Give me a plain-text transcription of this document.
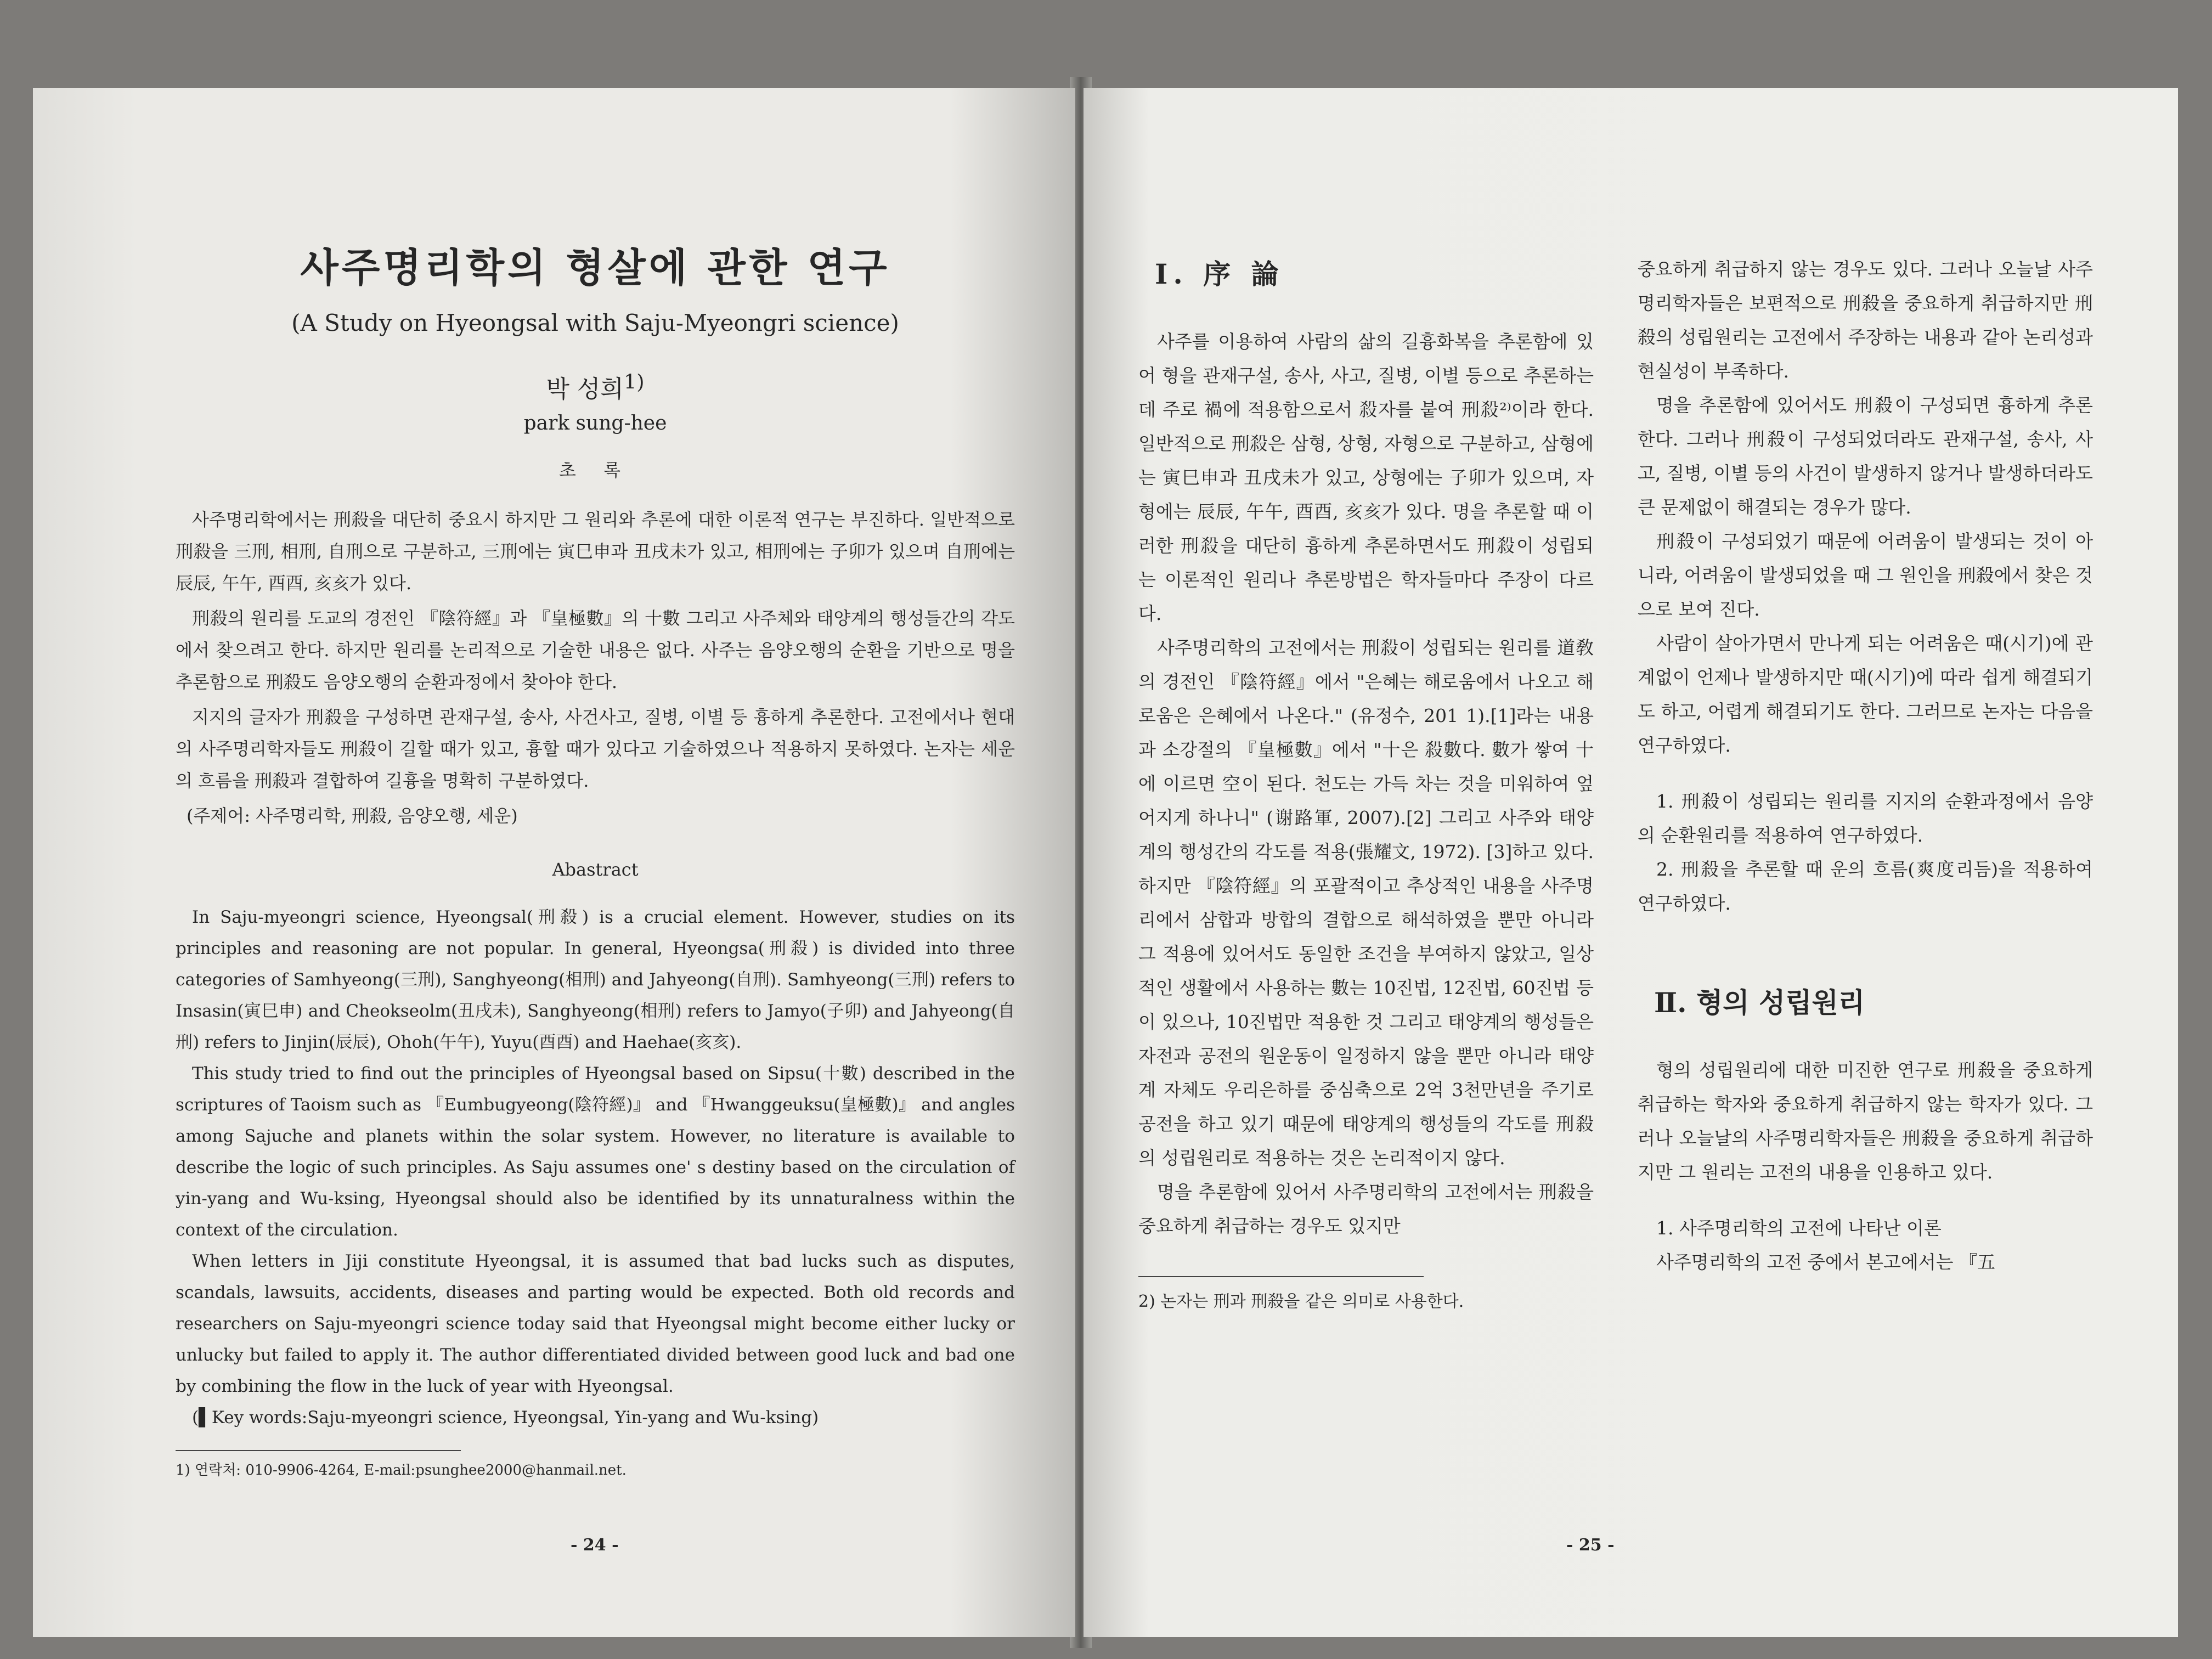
사주명리학의 형살에 관한 연구

(A Study on Hyeongsal with Saju-Myeongri science)

박 성희$^{1)}$

park sung-hee

초 록

사주명리학에서는 刑殺을 대단히 중요시 하지만 그 원리와 추론에 대한 이론적 연구는 부진하다. 일반적으로 刑殺을 三刑, 相刑, 自刑으로 구분하고, 三刑에는 寅巳申과 丑戌未가 있고, 相刑에는 子卯가 있으며 自刑에는 辰辰, 午午, 酉酉, 亥亥가 있다.

刑殺의 원리를 도교의 경전인 『陰符經』과 『皇極數』의 十數 그리고 사주체와 태양계의 행성들간의 각도에서 찾으려고 한다. 하지만 원리를 논리적으로 기술한 내용은 없다. 사주는 음양오행의 순환을 기반으로 명을 추론함으로 刑殺도 음양오행의 순환과정에서 찾아야 한다.

지지의 글자가 刑殺을 구성하면 관재구설, 송사, 사건사고, 질병, 이별 등 흉하게 추론한다. 고전에서나 현대의 사주명리학자들도 刑殺이 길할 때가 있고, 흉할 때가 있다고 기술하였으나 적용하지 못하였다. 논자는 세운의 흐름을 刑殺과 결합하여 길흉을 명확히 구분하였다.

(주제어: 사주명리학, 刑殺, 음양오행, 세운)

Abastract

In Saju-myeongri science, Hyeongsal(刑殺) is a crucial element. However, studies on its principles and reasoning are not popular. In general, Hyeongsa(刑殺) is divided into three categories of Samhyeong(三刑), Sanghyeong(相刑) and Jahyeong(自刑). Samhyeong(三刑) refers to Insasin(寅巳申) and Cheokseolm(丑戌未), Sanghyeong(相刑) refers to Jamyo(子卯) and Jahyeong(自刑) refers to Jinjin(辰辰), Ohoh(午午), Yuyu(酉酉) and Haehae(亥亥).

This study tried to find out the principles of Hyeongsal based on Sipsu(十數) described in the scriptures of Taoism such as 『Eumbugyeong(陰符經)』 and 『Hwanggeuksu(皇極數)』 and angles among Sajuche and planets within the solar system. However, no literature is available to describe the logic of such principles. As Saju assumes one' s destiny based on the circulation of yin-yang and Wu-ksing, Hyeongsal should also be identified by its unnaturalness within the context of the circulation.

When letters in Jiji constitute Hyeongsal, it is assumed that bad lucks such as disputes, scandals, lawsuits, accidents, diseases and parting would be expected. Both old records and researchers on Saju-myeongri science today said that Hyeongsal might become either lucky or unlucky but failed to apply it. The author differentiated divided between good luck and bad one by combining the flow in the luck of year with Hyeongsal.

(▌Key words:Saju-myeongri science, Hyeongsal, Yin-yang and Wu-ksing)

1) 연락처: 010-9906-4264, E-mail:psunghee2000@hanmail.net.

- 24 -
Ⅰ. 序 論

사주를 이용하여 사람의 삶의 길흉화복을 추론함에 있어 형을 관재구설, 송사, 사고, 질병, 이별 등으로 추론하는데 주로 禍에 적용함으로서 殺자를 붙여 刑殺²⁾이라 한다. 일반적으로 刑殺은 삼형, 상형, 자형으로 구분하고, 삼형에는 寅巳申과 丑戌未가 있고, 상형에는 子卯가 있으며, 자형에는 辰辰, 午午, 酉酉, 亥亥가 있다. 명을 추론할 때 이러한 刑殺을 대단히 흉하게 추론하면서도 刑殺이 성립되는 이론적인 원리나 추론방법은 학자들마다 주장이 다르다.

사주명리학의 고전에서는 刑殺이 성립되는 원리를 道敎의 경전인 『陰符經』에서 "은혜는 해로움에서 나오고 해로움은 은혜에서 나온다." (유정수, 201 1).[1]라는 내용과 소강절의 『皇極數』에서 "十은 殺數다. 數가 쌓여 十에 이르면 空이 된다. 천도는 가득 차는 것을 미워하여 엎어지게 하나니" (谢路軍, 2007).[2] 그리고 사주와 태양계의 행성간의 각도를 적용(張耀文, 1972). [3]하고 있다. 하지만 『陰符經』의 포괄적이고 추상적인 내용을 사주명리에서 삼합과 방합의 결합으로 해석하였을 뿐만 아니라 그 적용에 있어서도 동일한 조건을 부여하지 않았고, 일상적인 생활에서 사용하는 數는 10진법, 12진법, 60진법 등이 있으나, 10진법만 적용한 것 그리고 태양계의 행성들은 자전과 공전의 원운동이 일정하지 않을 뿐만 아니라 태양계 자체도 우리은하를 중심축으로 2억 3천만년을 주기로 공전을 하고 있기 때문에 태양계의 행성들의 각도를 刑殺의 성립원리로 적용하는 것은 논리적이지 않다.

명을 추론함에 있어서 사주명리학의 고전에서는 刑殺을 중요하게 취급하는 경우도 있지만

2) 논자는 刑과 刑殺을 같은 의미로 사용한다.

중요하게 취급하지 않는 경우도 있다. 그러나 오늘날 사주명리학자들은 보편적으로 刑殺을 중요하게 취급하지만 刑殺의 성립원리는 고전에서 주장하는 내용과 같아 논리성과 현실성이 부족하다.

명을 추론함에 있어서도 刑殺이 구성되면 흉하게 추론한다. 그러나 刑殺이 구성되었더라도 관재구설, 송사, 사고, 질병, 이별 등의 사건이 발생하지 않거나 발생하더라도 큰 문제없이 해결되는 경우가 많다.

刑殺이 구성되었기 때문에 어려움이 발생되는 것이 아니라, 어려움이 발생되었을 때 그 원인을 刑殺에서 찾은 것으로 보여 진다.

사람이 살아가면서 만나게 되는 어려움은 때(시기)에 관계없이 언제나 발생하지만 때(시기)에 따라 쉽게 해결되기도 하고, 어렵게 해결되기도 한다. 그러므로 논자는 다음을 연구하였다.

1. 刑殺이 성립되는 원리를 지지의 순환과정에서 음양의 순환원리를 적용하여 연구하였다.

2. 刑殺을 추론할 때 운의 흐름(爽度리듬)을 적용하여 연구하였다.

Ⅱ. 형의 성립원리

형의 성립원리에 대한 미진한 연구로 刑殺을 중요하게 취급하는 학자와 중요하게 취급하지 않는 학자가 있다. 그러나 오늘날의 사주명리학자들은 刑殺을 중요하게 취급하지만 그 원리는 고전의 내용을 인용하고 있다.

1. 사주명리학의 고전에 나타난 이론

사주명리학의 고전 중에서 본고에서는 『五

- 25 -
